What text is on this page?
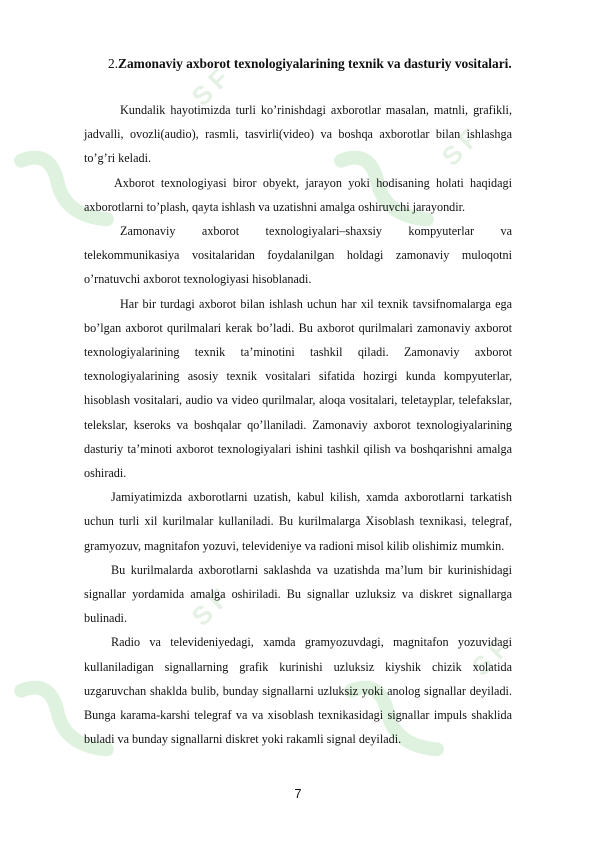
ЅF
ЅF
ЅF
ЅF
2.Zamonaviy axborot texnologiyalarining texnik va dasturiy vositalari.

Kundalik hayotimizda turli ko’rinishdagi axborotlar masalan, matnli, grafikli, jadvalli, ovozli(audio), rasmli, tasvirli(video) va boshqa axborotlar bilan ishlashga to’g’ri keladi.

Axborot texnologiyasi biror obyekt, jarayon yoki hodisaning holati haqidagi axborotlarni to’plash, qayta ishlash va uzatishni amalga oshiruvchi jarayondir.

Zamonaviy axborot texnologiyalari–shaxsiy kompyuterlar va telekommunikasiya vositalaridan foydalanilgan holdagi zamonaviy muloqotni o’rnatuvchi axborot texnologiyasi hisoblanadi.

Har bir turdagi axborot bilan ishlash uchun har xil texnik tavsifnomalarga ega bo’lgan axborot qurilmalari kerak bo’ladi. Bu axborot qurilmalari zamonaviy axborot texnologiyalarining texnik ta’minotini tashkil qiladi. Zamonaviy axborot texnologiyalarining asosiy texnik vositalari sifatida hozirgi kunda kompyuterlar, hisoblash vositalari, audio va video qurilmalar, aloqa vositalari, teletayplar, telefakslar, telekslar, kseroks va boshqalar qo’llaniladi. Zamonaviy axborot texnologiyalarining dasturiy ta’minoti axborot texnologiyalari ishini tashkil qilish va boshqarishni amalga oshiradi.

Jamiyatimizda axborotlarni uzatish, kabul kilish, xamda axborotlarni tarkatish uchun turli xil kurilmalar kullaniladi. Bu kurilmalarga Xisoblash texnikasi, telegraf, gramyozuv, magnitafon yozuvi, televideniye va radioni misol kilib olishimiz mumkin.

Bu kurilmalarda axborotlarni saklashda va uzatishda ma’lum bir kurinishidagi signallar yordamida amalga oshiriladi. Bu signallar uzluksiz va diskret signallarga bulinadi.

Radio va televideniyedagi, xamda gramyozuvdagi, magnitafon yozuvidagi kullaniladigan signallarning grafik kurinishi uzluksiz kiyshik chizik xolatida uzgaruvchan shaklda bulib, bunday signallarni uzluksiz yoki anolog signallar deyiladi. Bunga karama-karshi telegraf va va xisoblash texnikasidagi signallar impuls shaklida buladi va bunday signallarni diskret yoki rakamli signal deyiladi.

7
